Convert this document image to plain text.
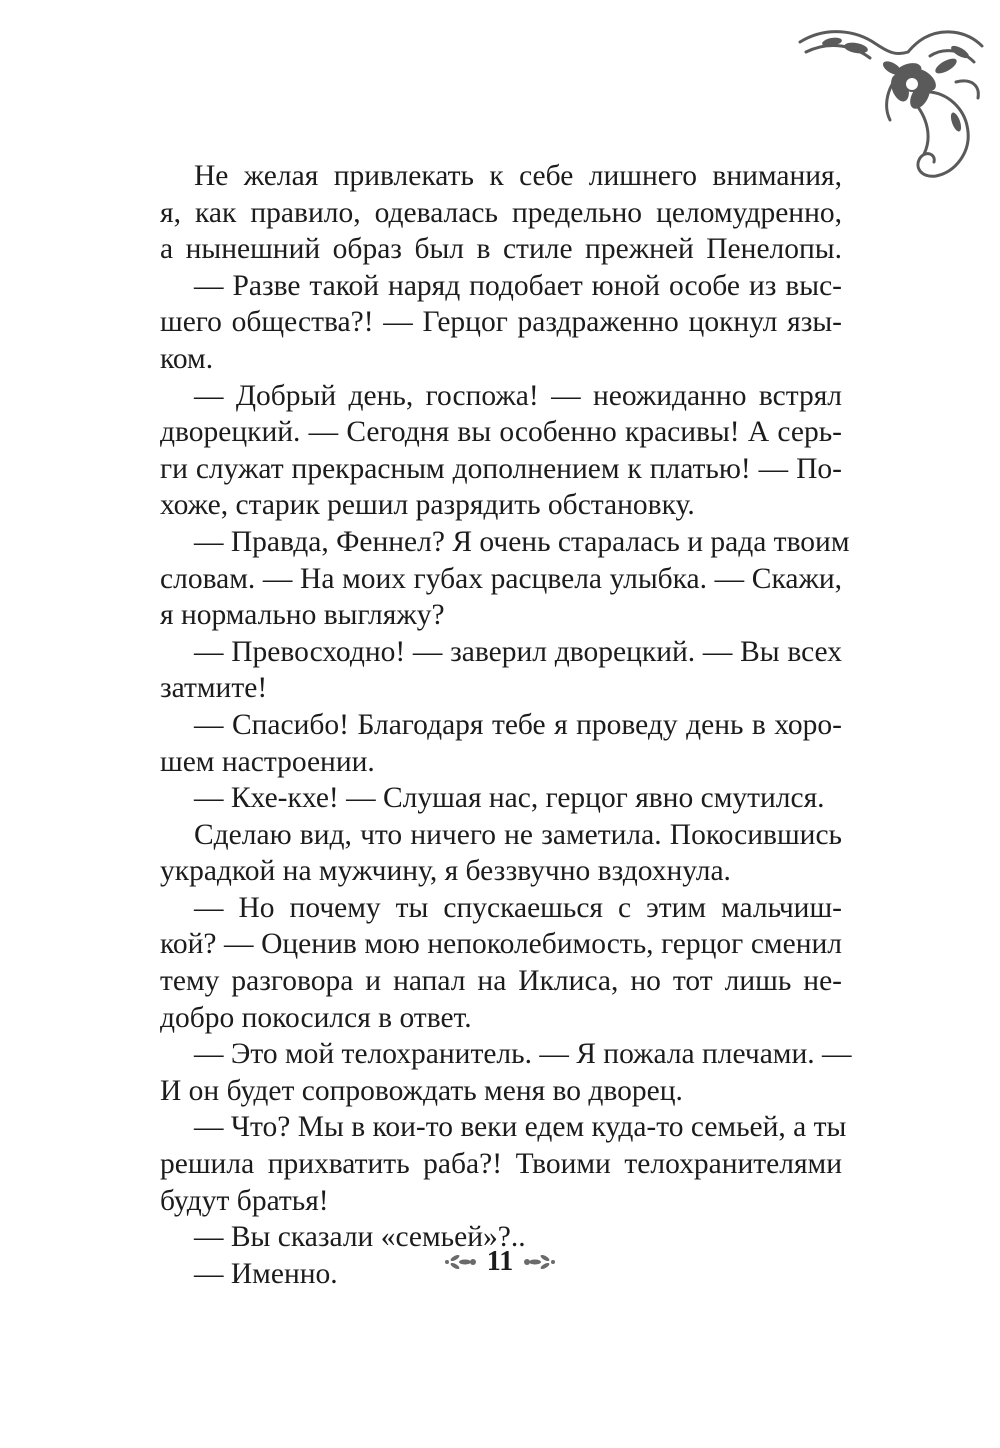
Не желая привлекать к себе лишнего внимания,
я, как правило, одевалась предельно целомудренно,
а нынешний образ был в стиле прежней Пенелопы.
— Разве такой наряд подобает юной особе из выс-
шего общества?! — Герцог раздраженно цокнул язы-
ком.
— Добрый день, госпожа! — неожиданно встрял
дворецкий. — Сегодня вы особенно красивы! А серь-
ги служат прекрасным дополнением к платью! — По-
хоже, старик решил разрядить обстановку.
— Правда, Феннел? Я очень старалась и рада твоим
словам. — На моих губах расцвела улыбка. — Скажи,
я нормально выгляжу?
— Превосходно! — заверил дворецкий. — Вы всех
затмите!
— Спасибо! Благодаря тебе я проведу день в хоро-
шем настроении.
— Кхе-кхе! — Слушая нас, герцог явно смутился.
Сделаю вид, что ничего не заметила. Покосившись
украдкой на мужчину, я беззвучно вздохнула.
— Но почему ты спускаешься с этим мальчиш-
кой? — Оценив мою непоколебимость, герцог сменил
тему разговора и напал на Иклиса, но тот лишь не-
добро покосился в ответ.
— Это мой телохранитель. — Я пожала плечами. —
И он будет сопровождать меня во дворец.
— Что? Мы в кои-то веки едем куда-то семьей, а ты
решила прихватить раба?! Твоими телохранителями
будут братья!
— Вы сказали «семьей»?..
— Именно.	11
